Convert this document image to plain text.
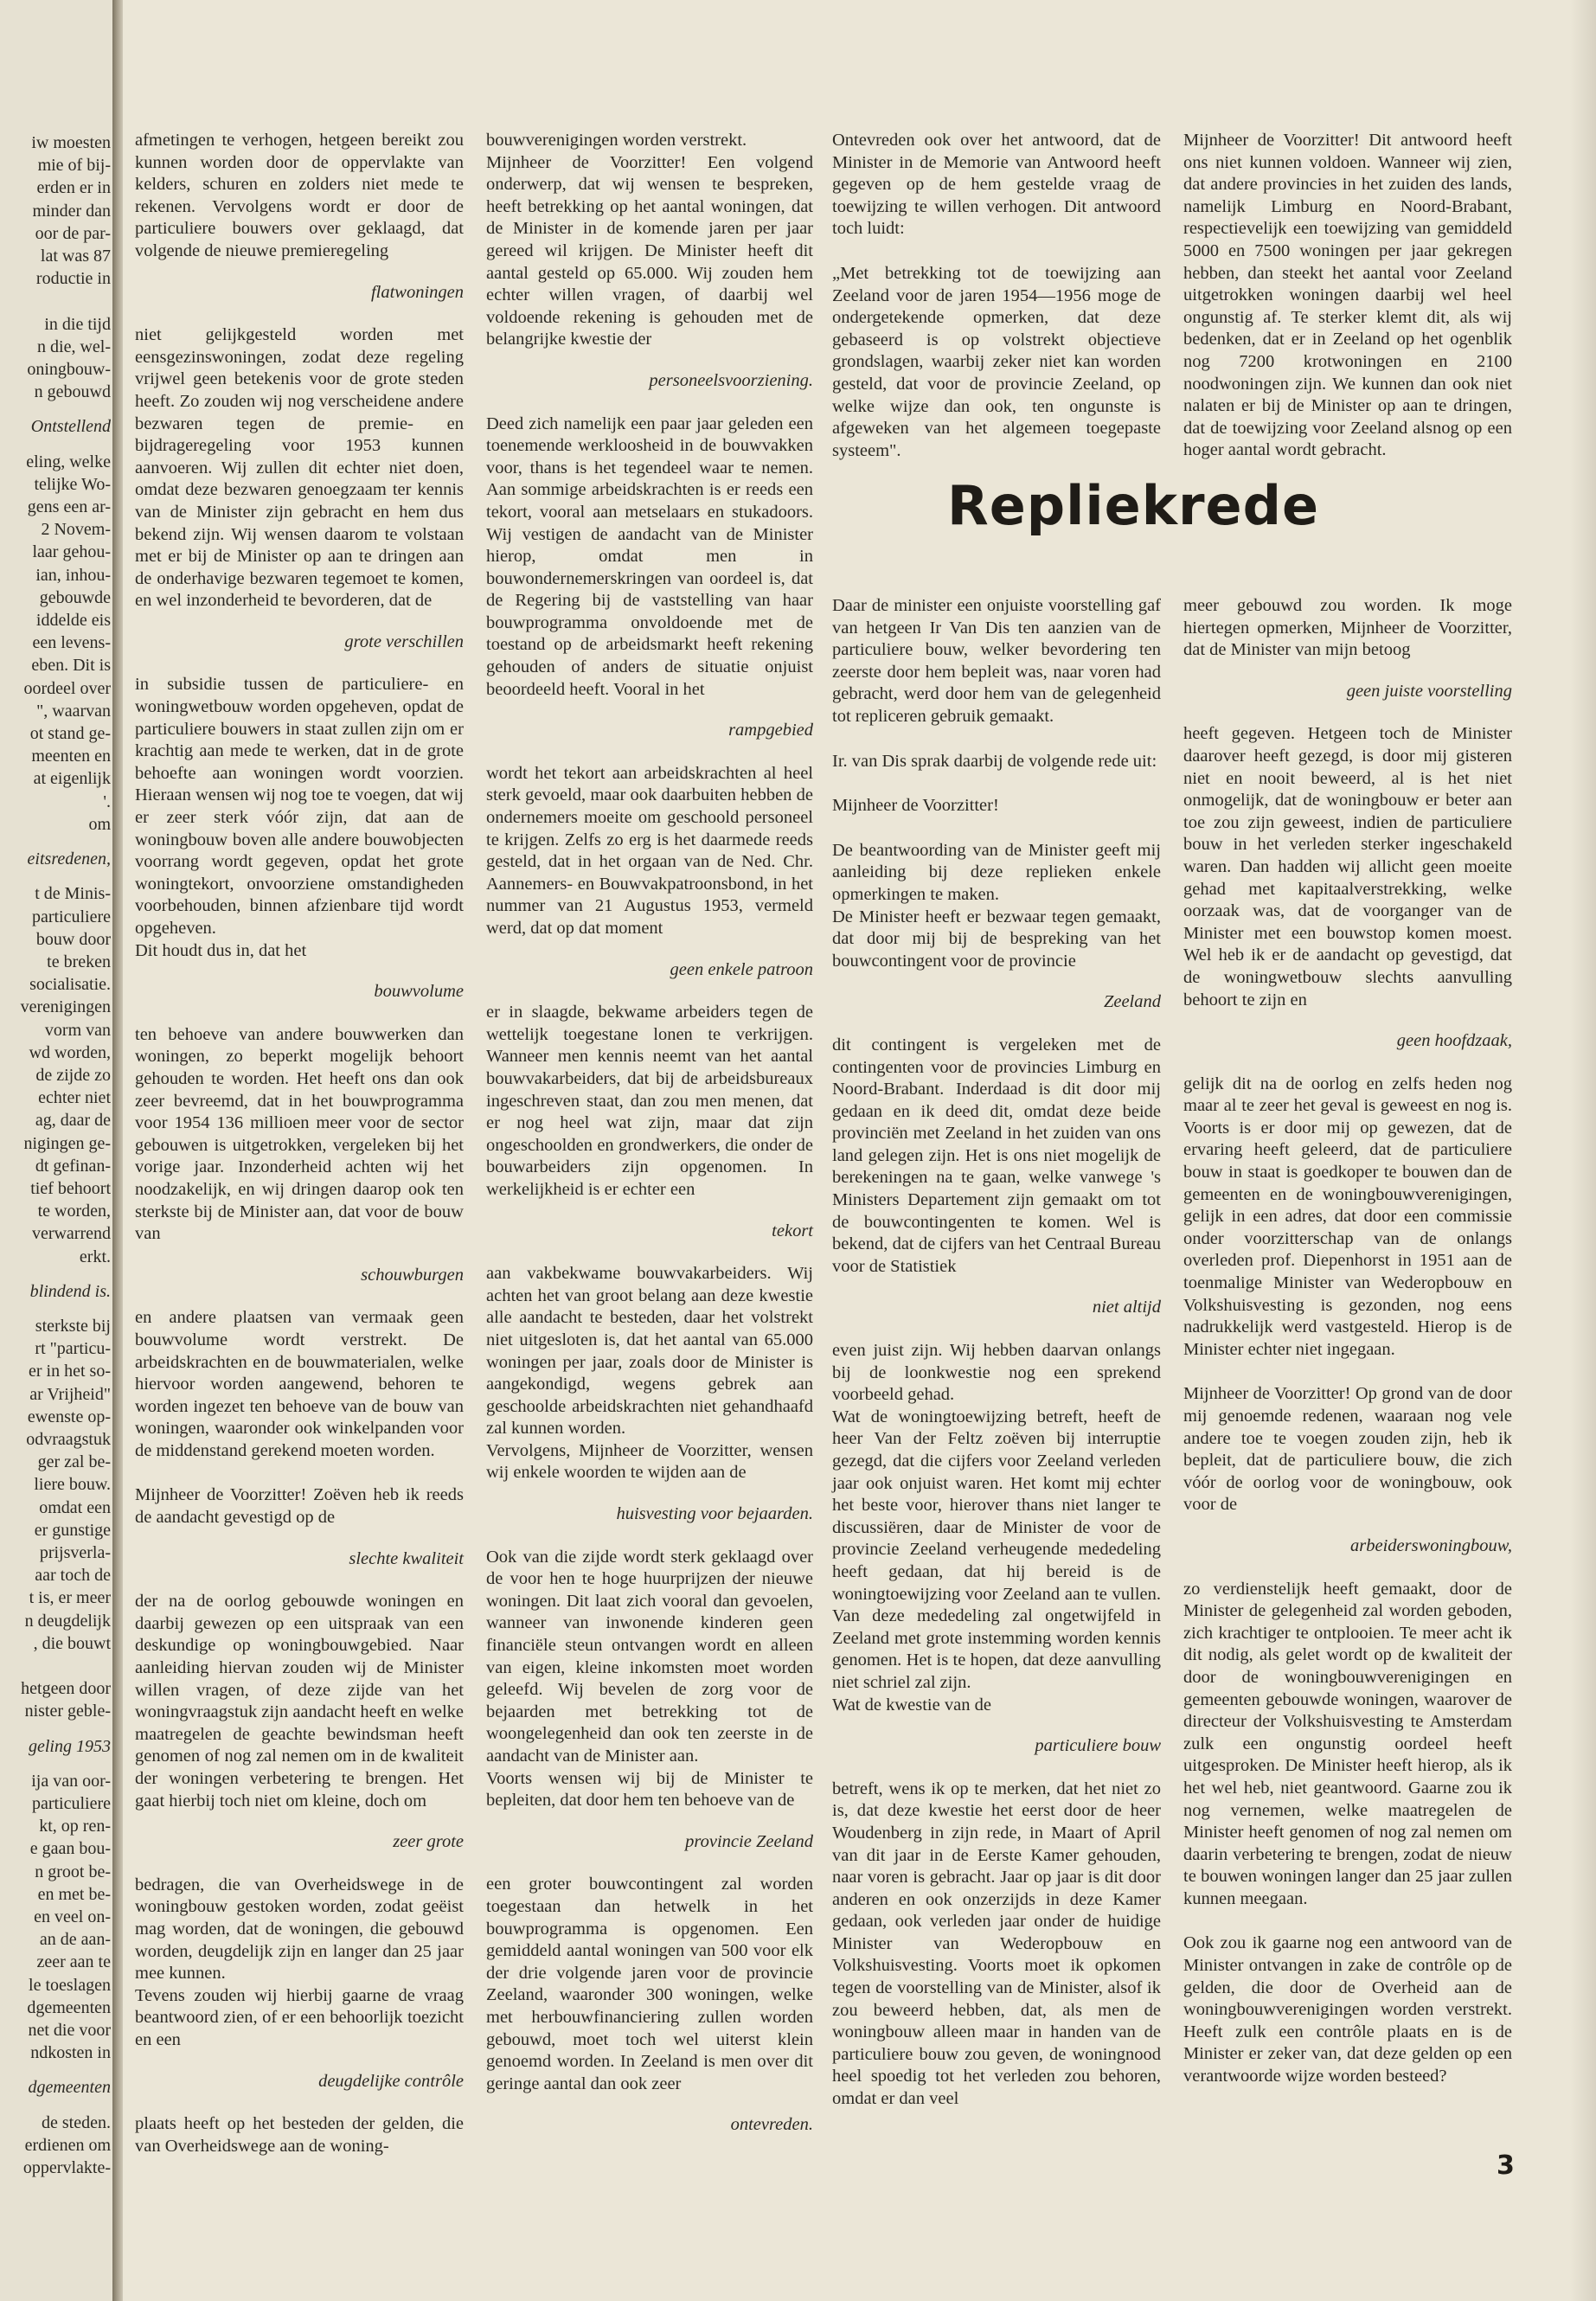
iw moesten
mie of bij-
erden er in
minder dan
oor de par-
lat was 87
roductie in

in die tijd
n die, wel-
oningbouw-
n gebouwd
Ontstellend
eling, welke
telijke Wo-
gens een ar-
2 Novem-
laar gehou-
ian, inhou-
gebouwde
iddelde eis
een levens-
eben. Dit is
oordeel over
", waarvan
ot stand ge-
meenten en
at eigenlijk
'.
om
eitsredenen,
t de Minis-
particuliere
bouw door
te breken
socialisatie.
verenigingen
vorm van
wd worden,
de zijde zo
echter niet
ag, daar de
nigingen ge-
dt gefinan-
tief behoort
te worden,
verwarrend
erkt.
blindend is.
sterkste bij
rt "particu-
er in het so-
ar Vrijheid"
ewenste op-
odvraagstuk
ger zal be-
liere bouw.
omdat een
er gunstige
prijsverla-
aar toch de
t is, er meer
n deugdelijk
, die bouwt

hetgeen door
nister geble-
geling 1953
ija van oor-
particuliere
kt, op ren-
e gaan bou-
n groot be-
en met be-
en veel on-
an de aan-
zeer aan te
le toeslagen
dgemeenten
net die voor
ndkosten in
dgemeenten
de steden.
erdienen om
oppervlakte-

afmetingen te verhogen, hetgeen bereikt zou kunnen worden door de oppervlakte van kelders, schuren en zolders niet mede te rekenen. Vervolgens wordt er door de particuliere bouwers over geklaagd, dat volgende de nieuwe premieregeling

flatwoningen

niet gelijkgesteld worden met eensgezinswoningen, zodat deze regeling vrijwel geen betekenis voor de grote steden heeft. Zo zouden wij nog verscheidene andere bezwaren tegen de premie- en bijdrageregeling voor 1953 kunnen aanvoeren. Wij zullen dit echter niet doen, omdat deze bezwaren genoegzaam ter kennis van de Minister zijn gebracht en hem dus bekend zijn. Wij wensen daarom te volstaan met er bij de Minister op aan te dringen aan de onderhavige bezwaren tegemoet te komen, en wel inzonderheid te bevorderen, dat de

grote verschillen

in subsidie tussen de particuliere- en woningwetbouw worden opgeheven, opdat de particuliere bouwers in staat zullen zijn om er krachtig aan mede te werken, dat in de grote behoefte aan woningen wordt voorzien. Hieraan wensen wij nog toe te voegen, dat wij er zeer sterk vóór zijn, dat aan de woningbouw boven alle andere bouwobjecten voorrang wordt gegeven, opdat het grote woningtekort, onvoorziene omstandigheden voorbehouden, binnen afzienbare tijd wordt opgeheven.

Dit houdt dus in, dat het

bouwvolume

ten behoeve van andere bouwwerken dan woningen, zo beperkt mogelijk behoort gehouden te worden. Het heeft ons dan ook zeer bevreemd, dat in het bouwprogramma voor 1954 136 millioen meer voor de sector gebouwen is uitgetrokken, vergeleken bij het vorige jaar. Inzonderheid achten wij het noodzakelijk, en wij dringen daarop ook ten sterkste bij de Minister aan, dat voor de bouw van

schouwburgen

en andere plaatsen van vermaak geen bouwvolume wordt verstrekt. De arbeidskrachten en de bouwmaterialen, welke hiervoor worden aangewend, behoren te worden ingezet ten behoeve van de bouw van woningen, waaronder ook winkelpanden voor de middenstand gerekend moeten worden.

Mijnheer de Voorzitter! Zoëven heb ik reeds de aandacht gevestigd op de

slechte kwaliteit

der na de oorlog gebouwde woningen en daarbij gewezen op een uitspraak van een deskundige op woningbouwgebied. Naar aanleiding hiervan zouden wij de Minister willen vragen, of deze zijde van het woningvraagstuk zijn aandacht heeft en welke maatregelen de geachte bewindsman heeft genomen of nog zal nemen om in de kwaliteit der woningen verbetering te brengen. Het gaat hierbij toch niet om kleine, doch om

zeer grote

bedragen, die van Overheidswege in de woningbouw gestoken worden, zodat geëist mag worden, dat de woningen, die gebouwd worden, deugdelijk zijn en langer dan 25 jaar mee kunnen.

Tevens zouden wij hierbij gaarne de vraag beantwoord zien, of er een behoorlijk toezicht en een

deugdelijke contrôle

plaats heeft op het besteden der gelden, die van Overheidswege aan de woning-

bouwverenigingen worden verstrekt.

Mijnheer de Voorzitter! Een volgend onderwerp, dat wij wensen te bespreken, heeft betrekking op het aantal woningen, dat de Minister in de komende jaren per jaar gereed wil krijgen. De Minister heeft dit aantal gesteld op 65.000. Wij zouden hem echter willen vragen, of daarbij wel voldoende rekening is gehouden met de belangrijke kwestie der

personeelsvoorziening.

Deed zich namelijk een paar jaar geleden een toenemende werkloosheid in de bouwvakken voor, thans is het tegendeel waar te nemen. Aan sommige arbeidskrachten is er reeds een tekort, vooral aan metselaars en stukadoors. Wij vestigen de aandacht van de Minister hierop, omdat men in bouwondernemerskringen van oordeel is, dat de Regering bij de vaststelling van haar bouwprogramma onvoldoende met de toestand op de arbeidsmarkt heeft rekening gehouden of anders de situatie onjuist beoordeeld heeft. Vooral in het

rampgebied

wordt het tekort aan arbeidskrachten al heel sterk gevoeld, maar ook daarbuiten hebben de ondernemers moeite om geschoold personeel te krijgen. Zelfs zo erg is het daarmede reeds gesteld, dat in het orgaan van de Ned. Chr. Aannemers- en Bouwvakpatroonsbond, in het nummer van 21 Augustus 1953, vermeld werd, dat op dat moment

geen enkele patroon

er in slaagde, bekwame arbeiders tegen de wettelijk toegestane lonen te verkrijgen. Wanneer men kennis neemt van het aantal bouwvakarbeiders, dat bij de arbeidsbureaux ingeschreven staat, dan zou men menen, dat er nog heel wat zijn, maar dat zijn ongeschoolden en grondwerkers, die onder de bouwarbeiders zijn opgenomen. In werkelijkheid is er echter een

tekort

aan vakbekwame bouwvakarbeiders. Wij achten het van groot belang aan deze kwestie alle aandacht te besteden, daar het volstrekt niet uitgesloten is, dat het aantal van 65.000 woningen per jaar, zoals door de Minister is aangekondigd, wegens gebrek aan geschoolde arbeidskrachten niet gehandhaafd zal kunnen worden.

Vervolgens, Mijnheer de Voorzitter, wensen wij enkele woorden te wijden aan de

huisvesting voor bejaarden.

Ook van die zijde wordt sterk geklaagd over de voor hen te hoge huurprijzen der nieuwe woningen. Dit laat zich vooral dan gevoelen, wanneer van inwonende kinderen geen financiële steun ontvangen wordt en alleen van eigen, kleine inkomsten moet worden geleefd. Wij bevelen de zorg voor de bejaarden met betrekking tot de woongelegenheid dan ook ten zeerste in de aandacht van de Minister aan.

Voorts wensen wij bij de Minister te bepleiten, dat door hem ten behoeve van de

provincie Zeeland

een groter bouwcontingent zal worden toegestaan dan hetwelk in het bouwprogramma is opgenomen. Een gemiddeld aantal woningen van 500 voor elk der drie volgende jaren voor de provincie Zeeland, waaronder 300 woningen, welke met herbouwfinanciering zullen worden gebouwd, moet toch wel uiterst klein genoemd worden. In Zeeland is men over dit geringe aantal dan ook zeer

ontevreden.

Ontevreden ook over het antwoord, dat de Minister in de Memorie van Antwoord heeft gegeven op de hem gestelde vraag de toewijzing te willen verhogen. Dit antwoord toch luidt:

„Met betrekking tot de toewijzing aan Zeeland voor de jaren 1954—1956 moge de ondergetekende opmerken, dat deze gebaseerd is op volstrekt objectieve grondslagen, waarbij zeker niet kan worden gesteld, dat voor de provincie Zeeland, op welke wijze dan ook, ten ongunste is afgeweken van het algemeen toegepaste systeem".

Mijnheer de Voorzitter! Dit antwoord heeft ons niet kunnen voldoen. Wanneer wij zien, dat andere provincies in het zuiden des lands, namelijk Limburg en Noord-Brabant, respectievelijk een toewijzing van gemiddeld 5000 en 7500 woningen per jaar gekregen hebben, dan steekt het aantal voor Zeeland uitgetrokken woningen daarbij wel heel ongunstig af. Te sterker klemt dit, als wij bedenken, dat er in Zeeland op het ogenblik nog 7200 krotwoningen en 2100 noodwoningen zijn. We kunnen dan ook niet nalaten er bij de Minister op aan te dringen, dat de toewijzing voor Zeeland alsnog op een hoger aantal wordt gebracht.

Repliekrede

Daar de minister een onjuiste voorstelling gaf van hetgeen Ir Van Dis ten aanzien van de particuliere bouw, welker bevordering ten zeerste door hem bepleit was, naar voren had gebracht, werd door hem van de gelegenheid tot repliceren gebruik gemaakt.

Ir. van Dis sprak daarbij de volgende rede uit:

Mijnheer de Voorzitter!

De beantwoording van de Minister geeft mij aanleiding bij deze replieken enkele opmerkingen te maken.

De Minister heeft er bezwaar tegen gemaakt, dat door mij bij de bespreking van het bouwcontingent voor de provincie

Zeeland

dit contingent is vergeleken met de contingenten voor de provincies Limburg en Noord-Brabant. Inderdaad is dit door mij gedaan en ik deed dit, omdat deze beide provinciën met Zeeland in het zuiden van ons land gelegen zijn. Het is ons niet mogelijk de berekeningen na te gaan, welke vanwege 's Ministers Departement zijn gemaakt om tot de bouwcontingenten te komen. Wel is bekend, dat de cijfers van het Centraal Bureau voor de Statistiek

niet altijd

even juist zijn. Wij hebben daarvan onlangs bij de loonkwestie nog een sprekend voorbeeld gehad.

Wat de woningtoewijzing betreft, heeft de heer Van der Feltz zoëven bij interruptie gezegd, dat die cijfers voor Zeeland verleden jaar ook onjuist waren. Het komt mij echter het beste voor, hierover thans niet langer te discussiëren, daar de Minister de voor de provincie Zeeland verheugende mededeling heeft gedaan, dat hij bereid is de woningtoewijzing voor Zeeland aan te vullen. Van deze mededeling zal ongetwijfeld in Zeeland met grote instemming worden kennis genomen. Het is te hopen, dat deze aanvulling niet schriel zal zijn.

Wat de kwestie van de

particuliere bouw

betreft, wens ik op te merken, dat het niet zo is, dat deze kwestie het eerst door de heer Woudenberg in zijn rede, in Maart of April van dit jaar in de Eerste Kamer gehouden, naar voren is gebracht. Jaar op jaar is dit door anderen en ook onzerzijds in deze Kamer gedaan, ook verleden jaar onder de huidige Minister van Wederopbouw en Volkshuisvesting. Voorts moet ik opkomen tegen de voorstelling van de Minister, alsof ik zou beweerd hebben, dat, als men de woningbouw alleen maar in handen van de particuliere bouw zou geven, de woningnood heel spoedig tot het verleden zou behoren, omdat er dan veel

meer gebouwd zou worden. Ik moge hiertegen opmerken, Mijnheer de Voorzitter, dat de Minister van mijn betoog

geen juiste voorstelling

heeft gegeven. Hetgeen toch de Minister daarover heeft gezegd, is door mij gisteren niet en nooit beweerd, al is het niet onmogelijk, dat de woningbouw er beter aan toe zou zijn geweest, indien de particuliere bouw in het verleden sterker ingeschakeld waren. Dan hadden wij allicht geen moeite gehad met kapitaalverstrekking, welke oorzaak was, dat de voorganger van de Minister met een bouwstop komen moest. Wel heb ik er de aandacht op gevestigd, dat de woningwetbouw slechts aanvulling behoort te zijn en

geen hoofdzaak,

gelijk dit na de oorlog en zelfs heden nog maar al te zeer het geval is geweest en nog is. Voorts is er door mij op gewezen, dat de ervaring heeft geleerd, dat de particuliere bouw in staat is goedkoper te bouwen dan de gemeenten en de woningbouwverenigingen, gelijk in een adres, dat door een commissie onder voorzitterschap van de onlangs overleden prof. Diepenhorst in 1951 aan de toenmalige Minister van Wederopbouw en Volkshuisvesting is gezonden, nog eens nadrukkelijk werd vastgesteld. Hierop is de Minister echter niet ingegaan.

Mijnheer de Voorzitter! Op grond van de door mij genoemde redenen, waaraan nog vele andere toe te voegen zouden zijn, heb ik bepleit, dat de particuliere bouw, die zich vóór de oorlog voor de woningbouw, ook voor de

arbeiderswoningbouw,

zo verdienstelijk heeft gemaakt, door de Minister de gelegenheid zal worden geboden, zich krachtiger te ontplooien. Te meer acht ik dit nodig, als gelet wordt op de kwaliteit der door de woningbouwverenigingen en gemeenten gebouwde woningen, waarover de directeur der Volkshuisvesting te Amsterdam zulk een ongunstig oordeel heeft uitgesproken. De Minister heeft hierop, als ik het wel heb, niet geantwoord. Gaarne zou ik nog vernemen, welke maatregelen de Minister heeft genomen of nog zal nemen om daarin verbetering te brengen, zodat de nieuw te bouwen woningen langer dan 25 jaar zullen kunnen meegaan.

Ook zou ik gaarne nog een antwoord van de Minister ontvangen in zake de contrôle op de gelden, die door de Overheid aan de woningbouwverenigingen worden verstrekt. Heeft zulk een contrôle plaats en is de Minister er zeker van, dat deze gelden op een verantwoorde wijze worden besteed?

3
